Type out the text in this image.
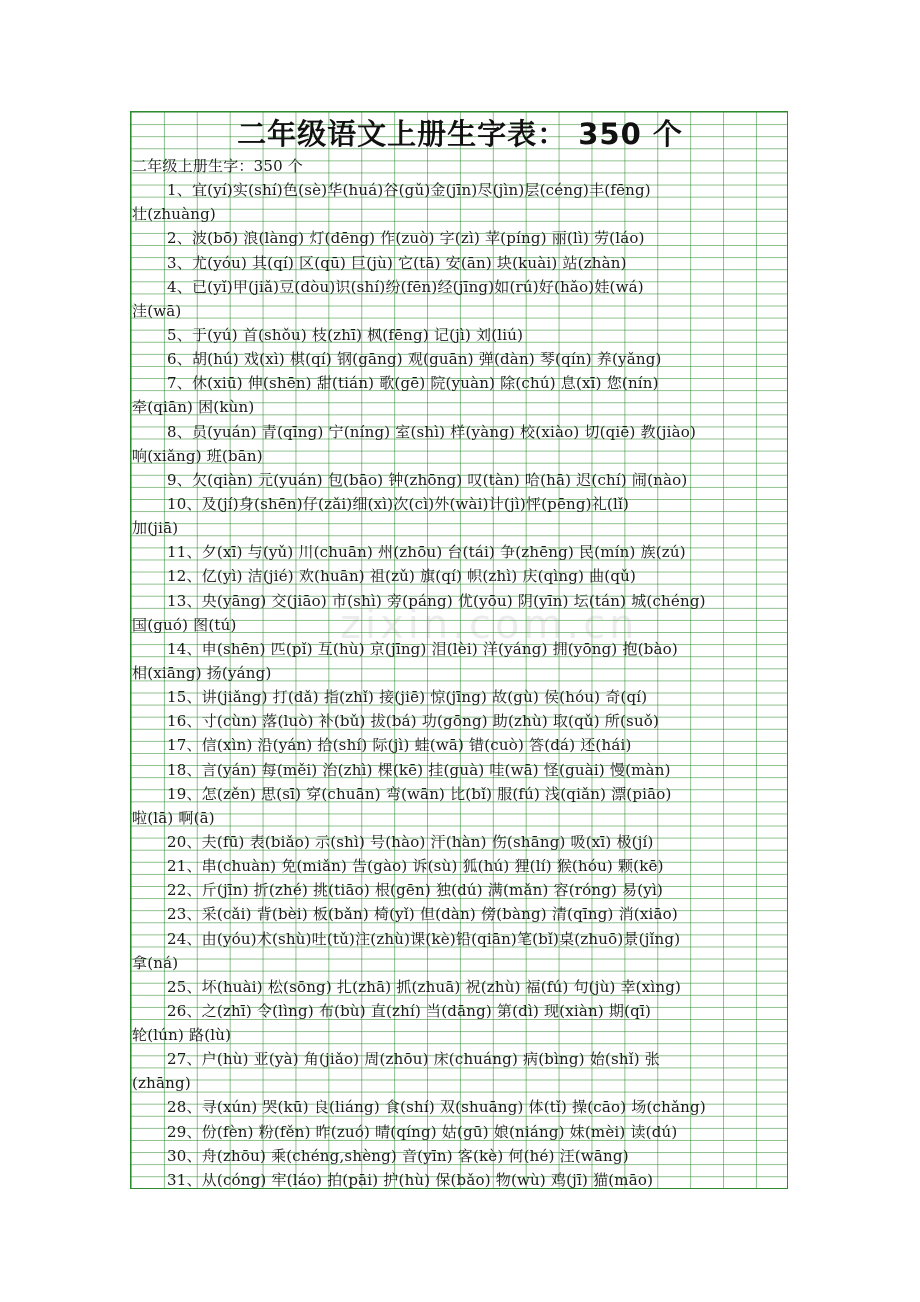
zixin.com.cn
二年级语文上册生字表： 350 个
二年级上册生字：350 个
1、宜(yí)实(shí)色(sè)华(huá)谷(gǔ)金(jīn)尽(jìn)层(céng)丰(fēng)
壮(zhuàng)
2、波(bō) 浪(làng) 灯(dēng) 作(zuò) 字(zì) 苹(píng) 丽(lì) 劳(láo)
3、尤(yóu) 其(qí) 区(qū) 巨(jù) 它(tā) 安(ān) 块(kuài) 站(zhàn)
4、已(yǐ)甲(jiǎ)豆(dòu)识(shí)纷(fēn)经(jīng)如(rú)好(hǎo)娃(wá)
洼(wā)
5、于(yú) 首(shǒu) 枝(zhī) 枫(fēng) 记(jì) 刘(liú)
6、胡(hú) 戏(xì) 棋(qí) 钢(gāng) 观(guān) 弹(dàn) 琴(qín) 养(yǎng)
7、休(xiū) 伸(shēn) 甜(tián) 歌(gē) 院(yuàn) 除(chú) 息(xī) 您(nín)
牵(qiān) 困(kùn)
8、员(yuán) 青(qīng) 宁(níng) 室(shì) 样(yàng) 校(xiào) 切(qiē) 教(jiào)
响(xiǎng) 班(bān)
9、欠(qiàn) 元(yuán) 包(bāo) 钟(zhōng) 叹(tàn) 哈(hā) 迟(chí) 闹(nào)
10、及(jí)身(shēn)仔(zǎi)细(xì)次(cì)外(wài)计(jì)怦(pēng)礼(lǐ)
加(jiā)
11、夕(xī) 与(yǔ) 川(chuān) 州(zhōu) 台(tái) 争(zhēng) 民(mín) 族(zú)
12、亿(yì) 洁(jié) 欢(huān) 祖(zǔ) 旗(qí) 帜(zhì) 庆(qìng) 曲(qǔ)
13、央(yāng) 交(jiāo) 市(shì) 旁(páng) 优(yōu) 阴(yīn) 坛(tán) 城(chéng)
国(guó) 图(tú)
14、申(shēn) 匹(pǐ) 互(hù) 京(jīng) 泪(lèi) 洋(yáng) 拥(yōng) 抱(bào)
相(xiāng) 扬(yáng)
15、讲(jiǎng) 打(dǎ) 指(zhǐ) 接(jiē) 惊(jīng) 故(gù) 侯(hóu) 奇(qí)
16、寸(cùn) 落(luò) 补(bǔ) 拔(bá) 功(gōng) 助(zhù) 取(qǔ) 所(suǒ)
17、信(xìn) 沿(yán) 拾(shí) 际(jì) 蛙(wā) 错(cuò) 答(dá) 还(hái)
18、言(yán) 每(měi) 治(zhì) 棵(kē) 挂(guà) 哇(wā) 怪(guài) 慢(màn)
19、怎(zěn) 思(sī) 穿(chuān) 弯(wān) 比(bǐ) 服(fú) 浅(qiǎn) 漂(piāo)
啦(lā) 啊(ā)
20、夫(fū) 表(biǎo) 示(shì) 号(hào) 汗(hàn) 伤(shāng) 吸(xī) 极(jí)
21、串(chuàn) 免(miǎn) 告(gào) 诉(sù) 狐(hú) 狸(lí) 猴(hóu) 颗(kē)
22、斤(jīn) 折(zhé) 挑(tiāo) 根(gēn) 独(dú) 满(mǎn) 容(róng) 易(yì)
23、采(cǎi) 背(bèi) 板(bǎn) 椅(yǐ) 但(dàn) 傍(bàng) 清(qīng) 消(xiāo)
24、由(yóu)术(shù)吐(tǔ)注(zhù)课(kè)铅(qiān)笔(bǐ)桌(zhuō)景(jǐng)
拿(ná)
25、坏(huài) 松(sōng) 扎(zhā) 抓(zhuā) 祝(zhù) 福(fú) 句(jù) 幸(xìng)
26、之(zhī) 令(lìng) 布(bù) 直(zhí) 当(dāng) 第(dì) 现(xiàn) 期(qī)
轮(lún) 路(lù)
27、户(hù) 亚(yà) 角(jiǎo) 周(zhōu) 床(chuáng) 病(bìng) 始(shǐ) 张
(zhāng)
28、寻(xún) 哭(kū) 良(liáng) 食(shí) 双(shuāng) 体(tǐ) 操(cāo) 场(chǎng)
29、份(fèn) 粉(fěn) 昨(zuó) 晴(qíng) 姑(gū) 娘(niáng) 妹(mèi) 读(dú)
30、舟(zhōu) 乘(chéng,shèng) 音(yīn) 客(kè) 何(hé) 汪(wāng)
31、从(cóng) 牢(láo) 拍(pāi) 护(hù) 保(bǎo) 物(wù) 鸡(jī) 猫(māo)
